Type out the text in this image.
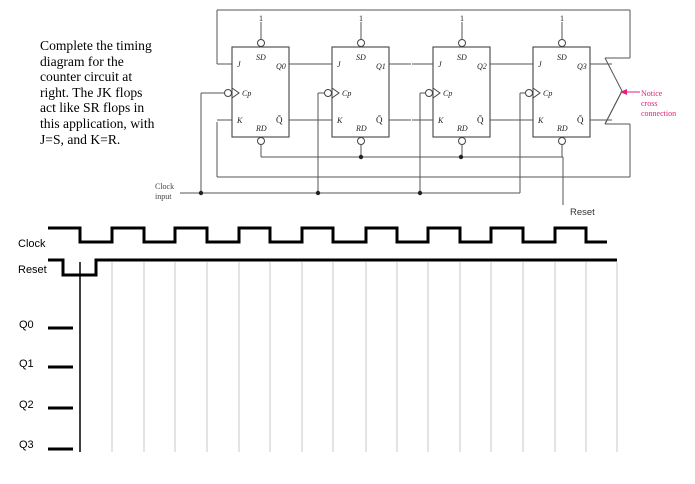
Complete the timing diagram for the counter circuit at right. The JK flops act like SR flops in this application, with J=S, and K=R.

1
SD
RD
J
K
Cp
Q0
Q̄
1
SD
RD
J
K
Cp
Q1
Q̄
1
SD
RD
J
K
Cp
Q2
Q̄
1
SD
RD
J
K
Cp
Q3
Q̄
Clock
input
Reset
Notice
cross
connection
Clock
Reset
Q0
Q1
Q2
Q3
